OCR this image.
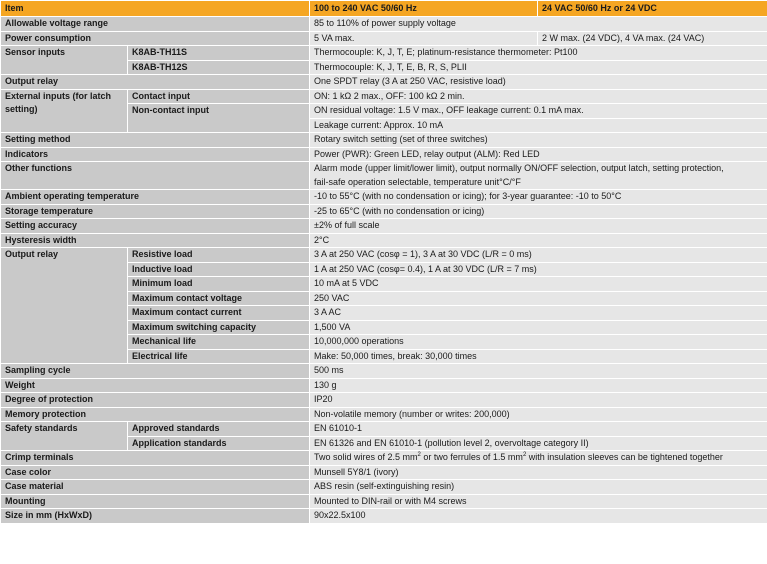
Item		100 to 240 VAC 50/60 Hz	24 VAC 50/60 Hz or 24 VDC
Allowable voltage range		85 to 110% of power supply voltage	
Power consumption		5 VA max.	2 W max. (24 VDC), 4 VA max. (24 VAC)
Sensor inputs	K8AB-TH11S	Thermocouple: K, J, T, E; platinum-resistance thermometer: Pt100	
	K8AB-TH12S	Thermocouple: K, J, T, E, B, R, S, PLII	
Output relay		One SPDT relay (3 A at 250 VAC, resistive load)	
External inputs (for latch setting)	Contact input	ON: 1 kΩ 2 max., OFF: 100 kΩ 2 min.	
	Non-contact input	ON residual voltage: 1.5 V max., OFF leakage current: 0.1 mA max.	
		Leakage current: Approx. 10 mA	
Setting method		Rotary switch setting (set of three switches)	
Indicators		Power (PWR): Green LED, relay output (ALM): Red LED	
Other functions		Alarm mode (upper limit/lower limit), output normally ON/OFF selection, output latch, setting protection,
fail-safe operation selectable, temperature unit°C/°F	

Ambient operating temperature		-10 to 55°C (with no condensation or icing); for 3-year guarantee: -10 to 50°C	
Storage temperature		-25 to 65°C (with no condensation or icing)	
Setting accuracy		±2% of full scale	
Hysteresis width		2°C	
Output relay	Resistive load	3 A at 250 VAC (cosφ = 1), 3 A at 30 VDC (L/R = 0 ms)	
	Inductive load	1 A at 250 VAC (cosφ= 0.4), 1 A at 30 VDC (L/R = 7 ms)	
	Minimum load	10 mA at 5 VDC	
	Maximum contact voltage	250 VAC	
	Maximum contact current	3 A AC	
	Maximum switching capacity	1,500 VA	
	Mechanical life	10,000,000 operations	
	Electrical life	Make: 50,000 times, break: 30,000 times	
Sampling cycle		500 ms	
Weight		130 g	
Degree of protection		IP20	
Memory protection		Non-volatile memory (number or writes: 200,000)	
Safety standards	Approved standards	EN 61010-1	
	Application standards	EN 61326 and EN 61010-1 (pollution level 2, overvoltage category II)	
Crimp terminals		Two solid wires of 2.5 $mm^2$ or two ferrules of 1.5 $mm^2$ with insulation sleeves can be tightened together	
Case color		Munsell 5Y8/1 (ivory)	
Case material		ABS resin (self-extinguishing resin)	
Mounting		Mounted to DIN-rail or with M4 screws	
Size in mm (HxWxD)		90x22.5x100	
